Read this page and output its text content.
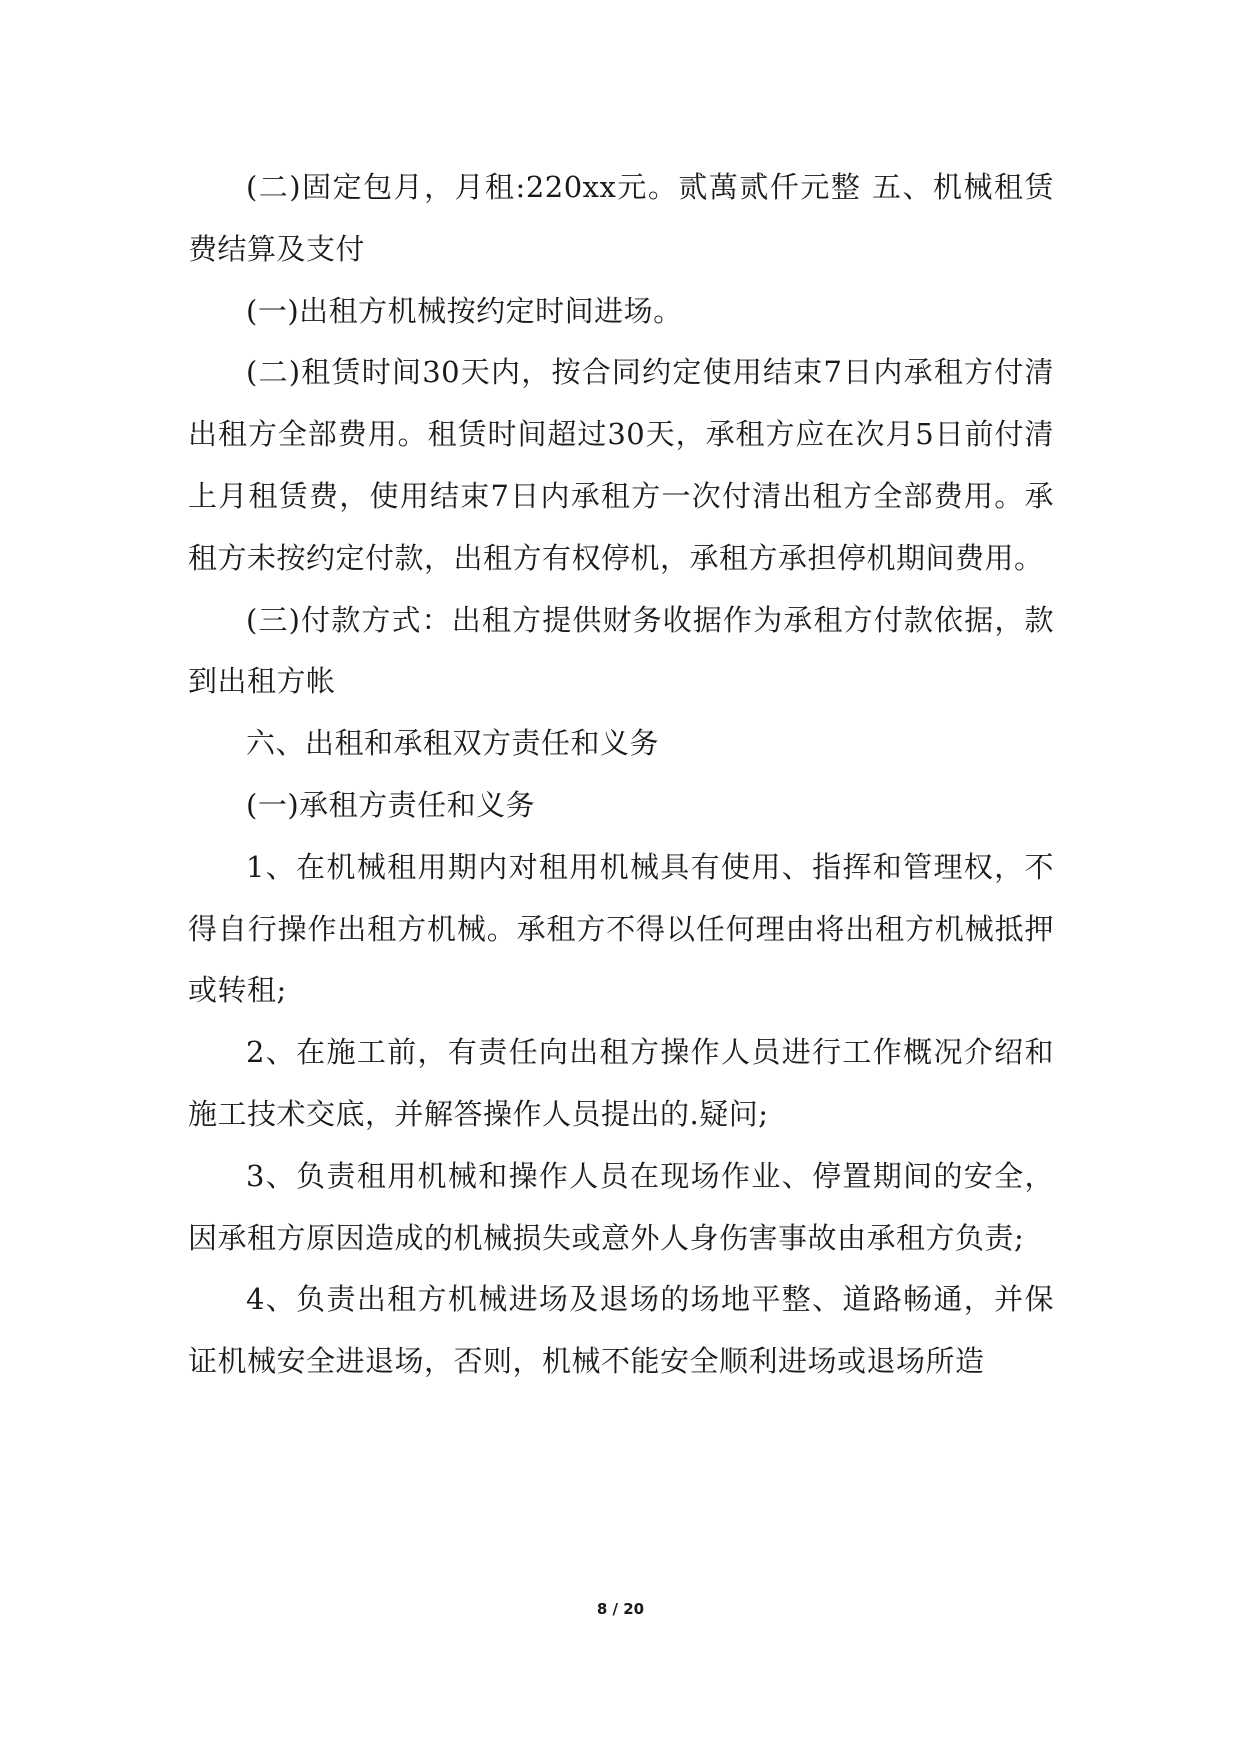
(二)固定包月，月租:220xx元。贰萬贰仟元整 五、机械租赁费结算及支付

(一)出租方机械按约定时间进场。

(二)租赁时间30天内，按合同约定使用结束7日内承租方付清出租方全部费用。租赁时间超过30天，承租方应在次月5日前付清上月租赁费，使用结束7日内承租方一次付清出租方全部费用。承租方未按约定付款，出租方有权停机，承租方承担停机期间费用。

(三)付款方式：出租方提供财务收据作为承租方付款依据，款到出租方帐

六、出租和承租双方责任和义务

(一)承租方责任和义务

1、在机械租用期内对租用机械具有使用、指挥和管理权，不得自行操作出租方机械。承租方不得以任何理由将出租方机械抵押或转租;

2、在施工前，有责任向出租方操作人员进行工作概况介绍和施工技术交底，并解答操作人员提出的.疑问;

3、负责租用机械和操作人员在现场作业、停置期间的安全，因承租方原因造成的机械损失或意外人身伤害事故由承租方负责;

4、负责出租方机械进场及退场的场地平整、道路畅通，并保证机械安全进退场，否则，机械不能安全顺利进场或退场所造

8 / 20
